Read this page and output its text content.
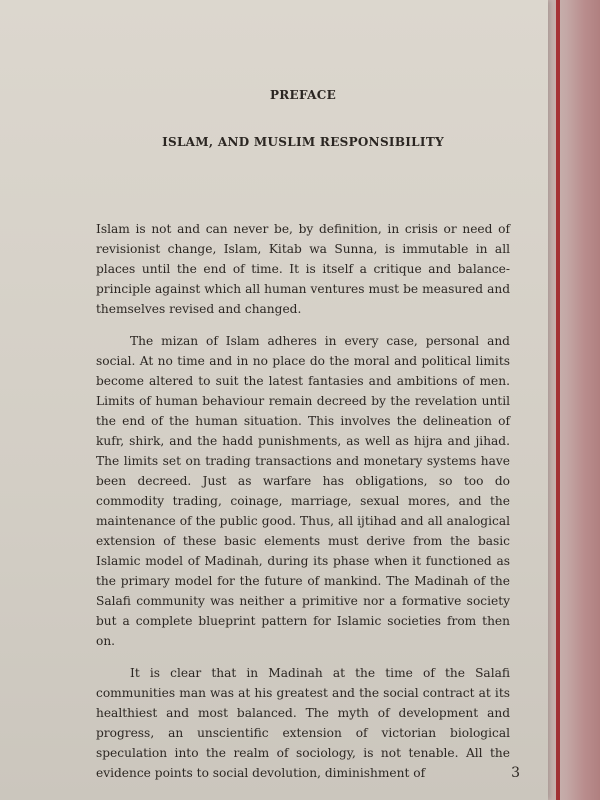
PREFACE
ISLAM, AND MUSLIM RESPONSIBILITY

Islam is not and can never be, by definition, in crisis or need of revisionist change, Islam, Kitab wa Sunna, is immutable in all places until the end of time. It is itself a critique and balance-principle against which all human ventures must be measured and themselves revised and changed.

The mizan of Islam adheres in every case, personal and social. At no time and in no place do the moral and political limits become altered to suit the latest fantasies and ambitions of men. Limits of human behaviour remain decreed by the revelation until the end of the human situation. This involves the delineation of kufr, shirk, and the hadd punishments, as well as hijra and jihad. The limits set on trading transactions and monetary systems have been decreed. Just as warfare has obligations, so too do commodity trading, coinage, marriage, sexual mores, and the maintenance of the public good. Thus, all ijtihad and all analogical extension of these basic elements must derive from the basic Islamic model of Madinah, during its phase when it functioned as the primary model for the future of mankind. The Madinah of the Salafi community was neither a primitive nor a formative society but a complete blueprint pattern for Islamic societies from then on.

It is clear that in Madinah at the time of the Salafi communities man was at his greatest and the social contract at its healthiest and most balanced. The myth of development and progress, an unscientific extension of victorian biological speculation into the realm of sociology, is not tenable. All the evidence points to social devolution, diminishment of	3
